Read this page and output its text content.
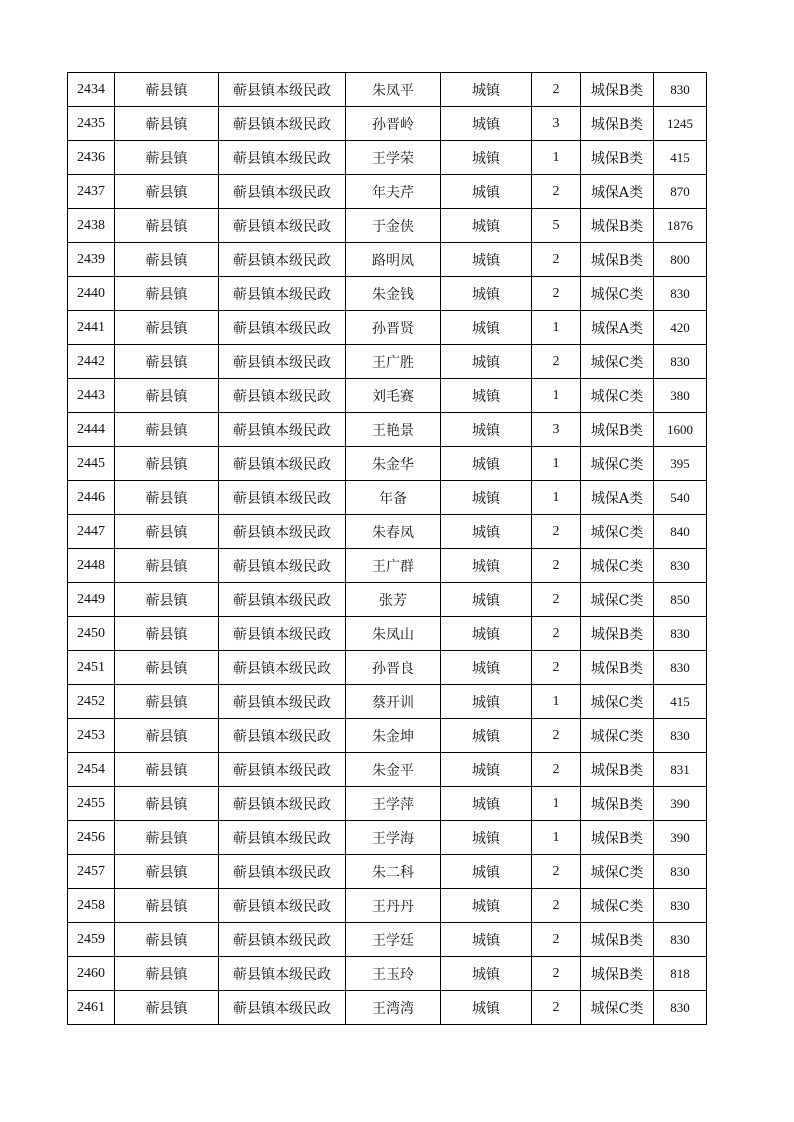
2434	蕲县镇	蕲县镇本级民政	朱凤平	城镇	2	城保B类	830
2435	蕲县镇	蕲县镇本级民政	孙晋岭	城镇	3	城保B类	1245
2436	蕲县镇	蕲县镇本级民政	王学荣	城镇	1	城保B类	415
2437	蕲县镇	蕲县镇本级民政	年夫芹	城镇	2	城保A类	870
2438	蕲县镇	蕲县镇本级民政	于金侠	城镇	5	城保B类	1876
2439	蕲县镇	蕲县镇本级民政	路明凤	城镇	2	城保B类	800
2440	蕲县镇	蕲县镇本级民政	朱金钱	城镇	2	城保C类	830
2441	蕲县镇	蕲县镇本级民政	孙晋贤	城镇	1	城保A类	420
2442	蕲县镇	蕲县镇本级民政	王广胜	城镇	2	城保C类	830
2443	蕲县镇	蕲县镇本级民政	刘毛赛	城镇	1	城保C类	380
2444	蕲县镇	蕲县镇本级民政	王艳景	城镇	3	城保B类	1600
2445	蕲县镇	蕲县镇本级民政	朱金华	城镇	1	城保C类	395
2446	蕲县镇	蕲县镇本级民政	年备	城镇	1	城保A类	540
2447	蕲县镇	蕲县镇本级民政	朱春凤	城镇	2	城保C类	840
2448	蕲县镇	蕲县镇本级民政	王广群	城镇	2	城保C类	830
2449	蕲县镇	蕲县镇本级民政	张芳	城镇	2	城保C类	850
2450	蕲县镇	蕲县镇本级民政	朱凤山	城镇	2	城保B类	830
2451	蕲县镇	蕲县镇本级民政	孙晋良	城镇	2	城保B类	830
2452	蕲县镇	蕲县镇本级民政	蔡开训	城镇	1	城保C类	415
2453	蕲县镇	蕲县镇本级民政	朱金坤	城镇	2	城保C类	830
2454	蕲县镇	蕲县镇本级民政	朱金平	城镇	2	城保B类	831
2455	蕲县镇	蕲县镇本级民政	王学萍	城镇	1	城保B类	390
2456	蕲县镇	蕲县镇本级民政	王学海	城镇	1	城保B类	390
2457	蕲县镇	蕲县镇本级民政	朱二科	城镇	2	城保C类	830
2458	蕲县镇	蕲县镇本级民政	王丹丹	城镇	2	城保C类	830
2459	蕲县镇	蕲县镇本级民政	王学廷	城镇	2	城保B类	830
2460	蕲县镇	蕲县镇本级民政	王玉玲	城镇	2	城保B类	818
2461	蕲县镇	蕲县镇本级民政	王湾湾	城镇	2	城保C类	830
